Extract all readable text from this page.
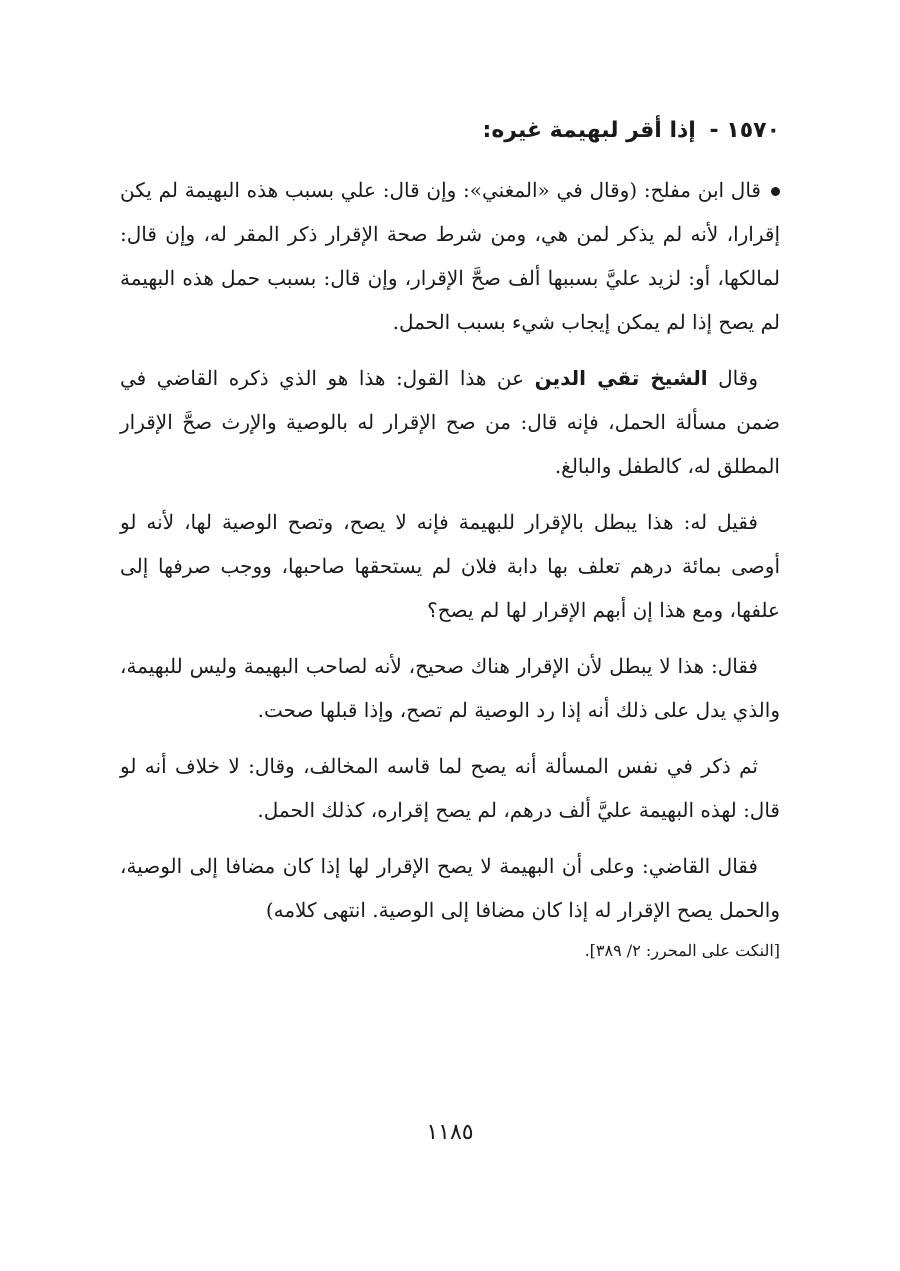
١٥٧٠ - إذا أقر لبهيمة غيره:

قال ابن مفلح: (وقال في «المغني»: وإن قال: علي بسبب هذه البهيمة لم يكن إقرارا، لأنه لم يذكر لمن هي، ومن شرط صحة الإقرار ذكر المقر له، وإن قال: لمالكها، أو: لزيد عليَّ بسببها ألف صحَّ الإقرار، وإن قال: بسبب حمل هذه البهيمة لم يصح إذا لم يمكن إيجاب شيء بسبب الحمل.

وقال الشيخ تقي الدين عن هذا القول: هذا هو الذي ذكره القاضي في ضمن مسألة الحمل، فإنه قال: من صح الإقرار له بالوصية والإرث صحَّ الإقرار المطلق له، كالطفل والبالغ.

فقيل له: هذا يبطل بالإقرار للبهيمة فإنه لا يصح، وتصح الوصية لها، لأنه لو أوصى بمائة درهم تعلف بها دابة فلان لم يستحقها صاحبها، ووجب صرفها إلى علفها، ومع هذا إن أبهم الإقرار لها لم يصح؟

فقال: هذا لا يبطل لأن الإقرار هناك صحيح، لأنه لصاحب البهيمة وليس للبهيمة، والذي يدل على ذلك أنه إذا رد الوصية لم تصح، وإذا قبلها صحت.

ثم ذكر في نفس المسألة أنه يصح لما قاسه المخالف، وقال: لا خلاف أنه لو قال: لهذه البهيمة عليَّ ألف درهم، لم يصح إقراره، كذلك الحمل.

فقال القاضي: وعلى أن البهيمة لا يصح الإقرار لها إذا كان مضافا إلى الوصية، والحمل يصح الإقرار له إذا كان مضافا إلى الوصية. انتهى كلامه)

[النكت على المحرر: ٢/ ٣٨٩].
١١٨٥
